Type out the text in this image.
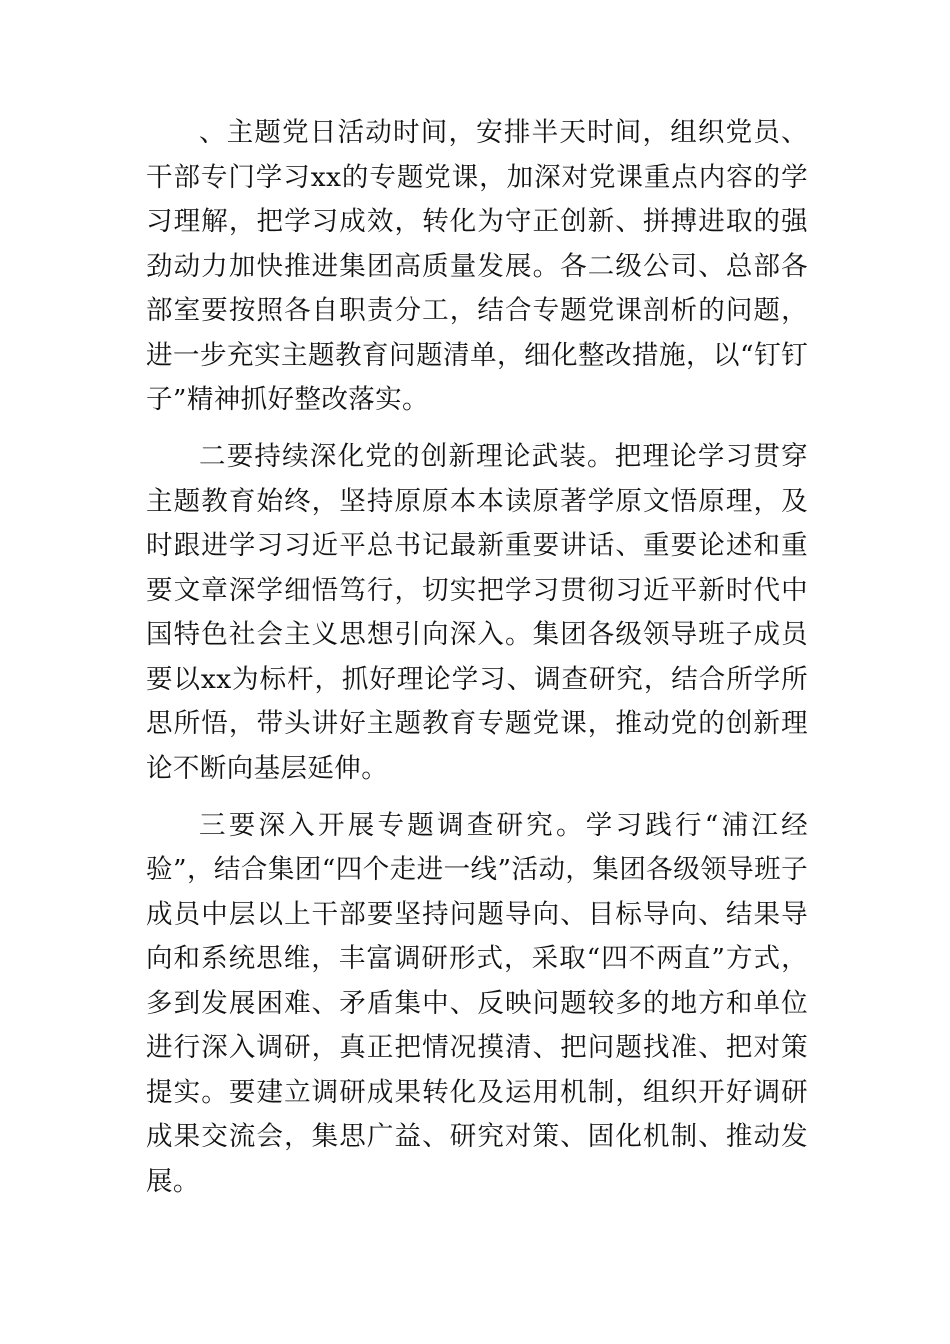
、主题党日活动时间，安排半天时间，组织党员、干部专门学习xx的专题党课，加深对党课重点内容的学习理解，把学习成效，转化为守正创新、拼搏进取的强劲动力加快推进集团高质量发展。各二级公司、总部各部室要按照各自职责分工，结合专题党课剖析的问题，进一步充实主题教育问题清单，细化整改措施，以“钉钉子”精神抓好整改落实。

二要持续深化党的创新理论武装。把理论学习贯穿主题教育始终，坚持原原本本读原著学原文悟原理，及时跟进学习习近平总书记最新重要讲话、重要论述和重要文章深学细悟笃行，切实把学习贯彻习近平新时代中国特色社会主义思想引向深入。集团各级领导班子成员要以xx为标杆，抓好理论学习、调查研究，结合所学所思所悟，带头讲好主题教育专题党课，推动党的创新理论不断向基层延伸。

三要深入开展专题调查研究。学习践行“浦江经验”，结合集团“四个走进一线”活动，集团各级领导班子成员中层以上干部要坚持问题导向、目标导向、结果导向和系统思维，丰富调研形式，采取“四不两直”方式，多到发展困难、矛盾集中、反映问题较多的地方和单位进行深入调研，真正把情况摸清、把问题找准、把对策提实。要建立调研成果转化及运用机制，组织开好调研成果交流会，集思广益、研究对策、固化机制、推动发展。
